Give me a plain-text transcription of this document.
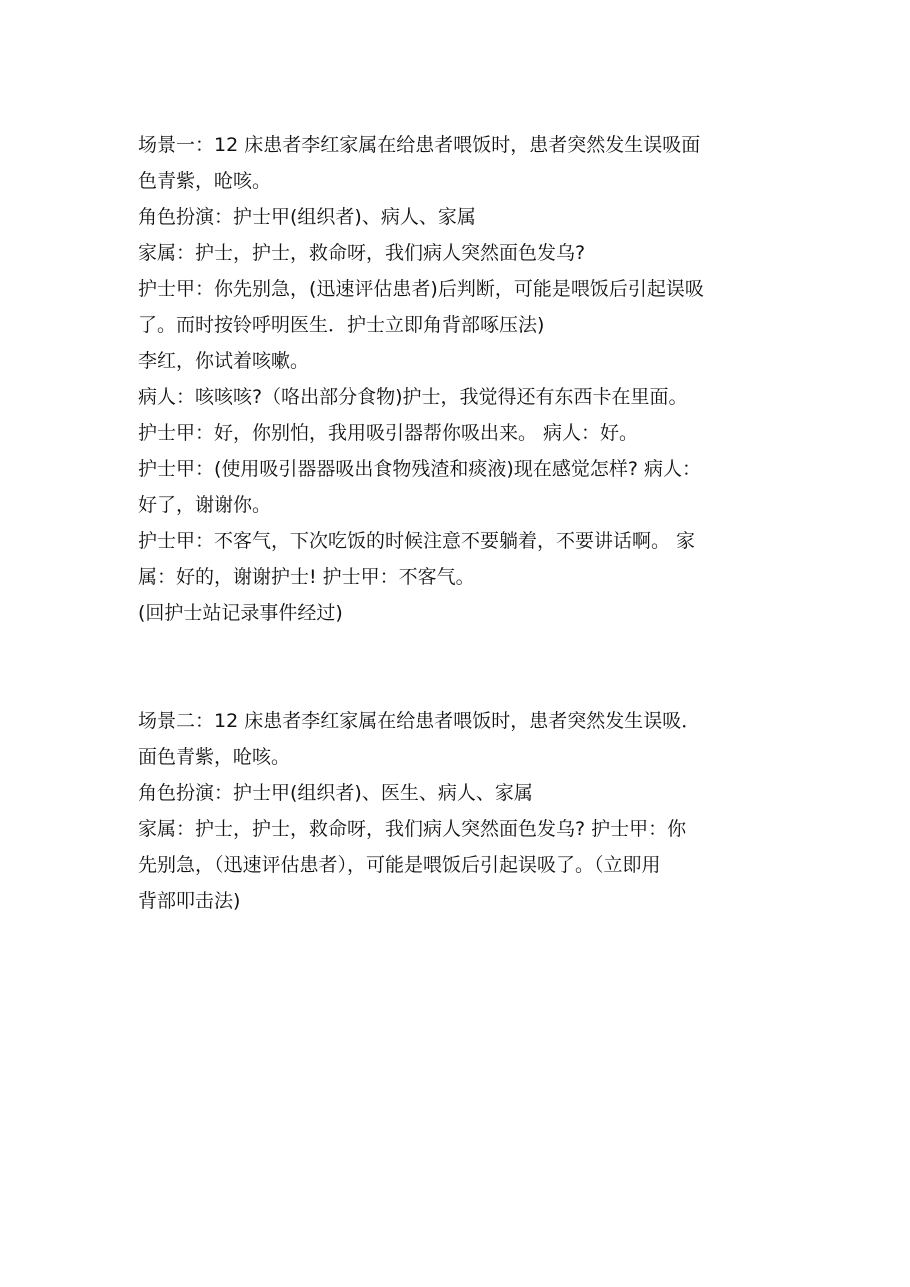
场景一：12 床患者李红家属在给患者喂饭时，患者突然发生误吸面

色青紫，呛咳。

角色扮演：护士甲(组织者)、病人、家属

家属：护士，护士，救命呀，我们病人突然面色发乌?

护士甲：你先别急，(迅速评估患者)后判断，可能是喂饭后引起误吸

了。而时按铃呼明医生．护士立即角背部啄压法)

李红，你试着咳嗽。

病人：咳咳咳?（咯出部分食物)护士，我觉得还有东西卡在里面。

护士甲：好，你别怕，我用吸引器帮你吸出来。 病人：好。

护士甲：(使用吸引器器吸出食物残渣和痰液)现在感觉怎样? 病人：

好了，谢谢你。

护士甲：不客气，下次吃饭的时候注意不要躺着，不要讲话啊。 家

属：好的，谢谢护士! 护士甲：不客气。

(回护士站记录事件经过)

场景二：12 床患者李红家属在给患者喂饭时，患者突然发生误吸．

面色青紫，呛咳。

角色扮演：护士甲(组织者)、医生、病人、家属

家属：护士，护士，救命呀，我们病人突然面色发乌? 护士甲：你

先别急，（迅速评估患者），可能是喂饭后引起误吸了。（立即用

背部叩击法)
